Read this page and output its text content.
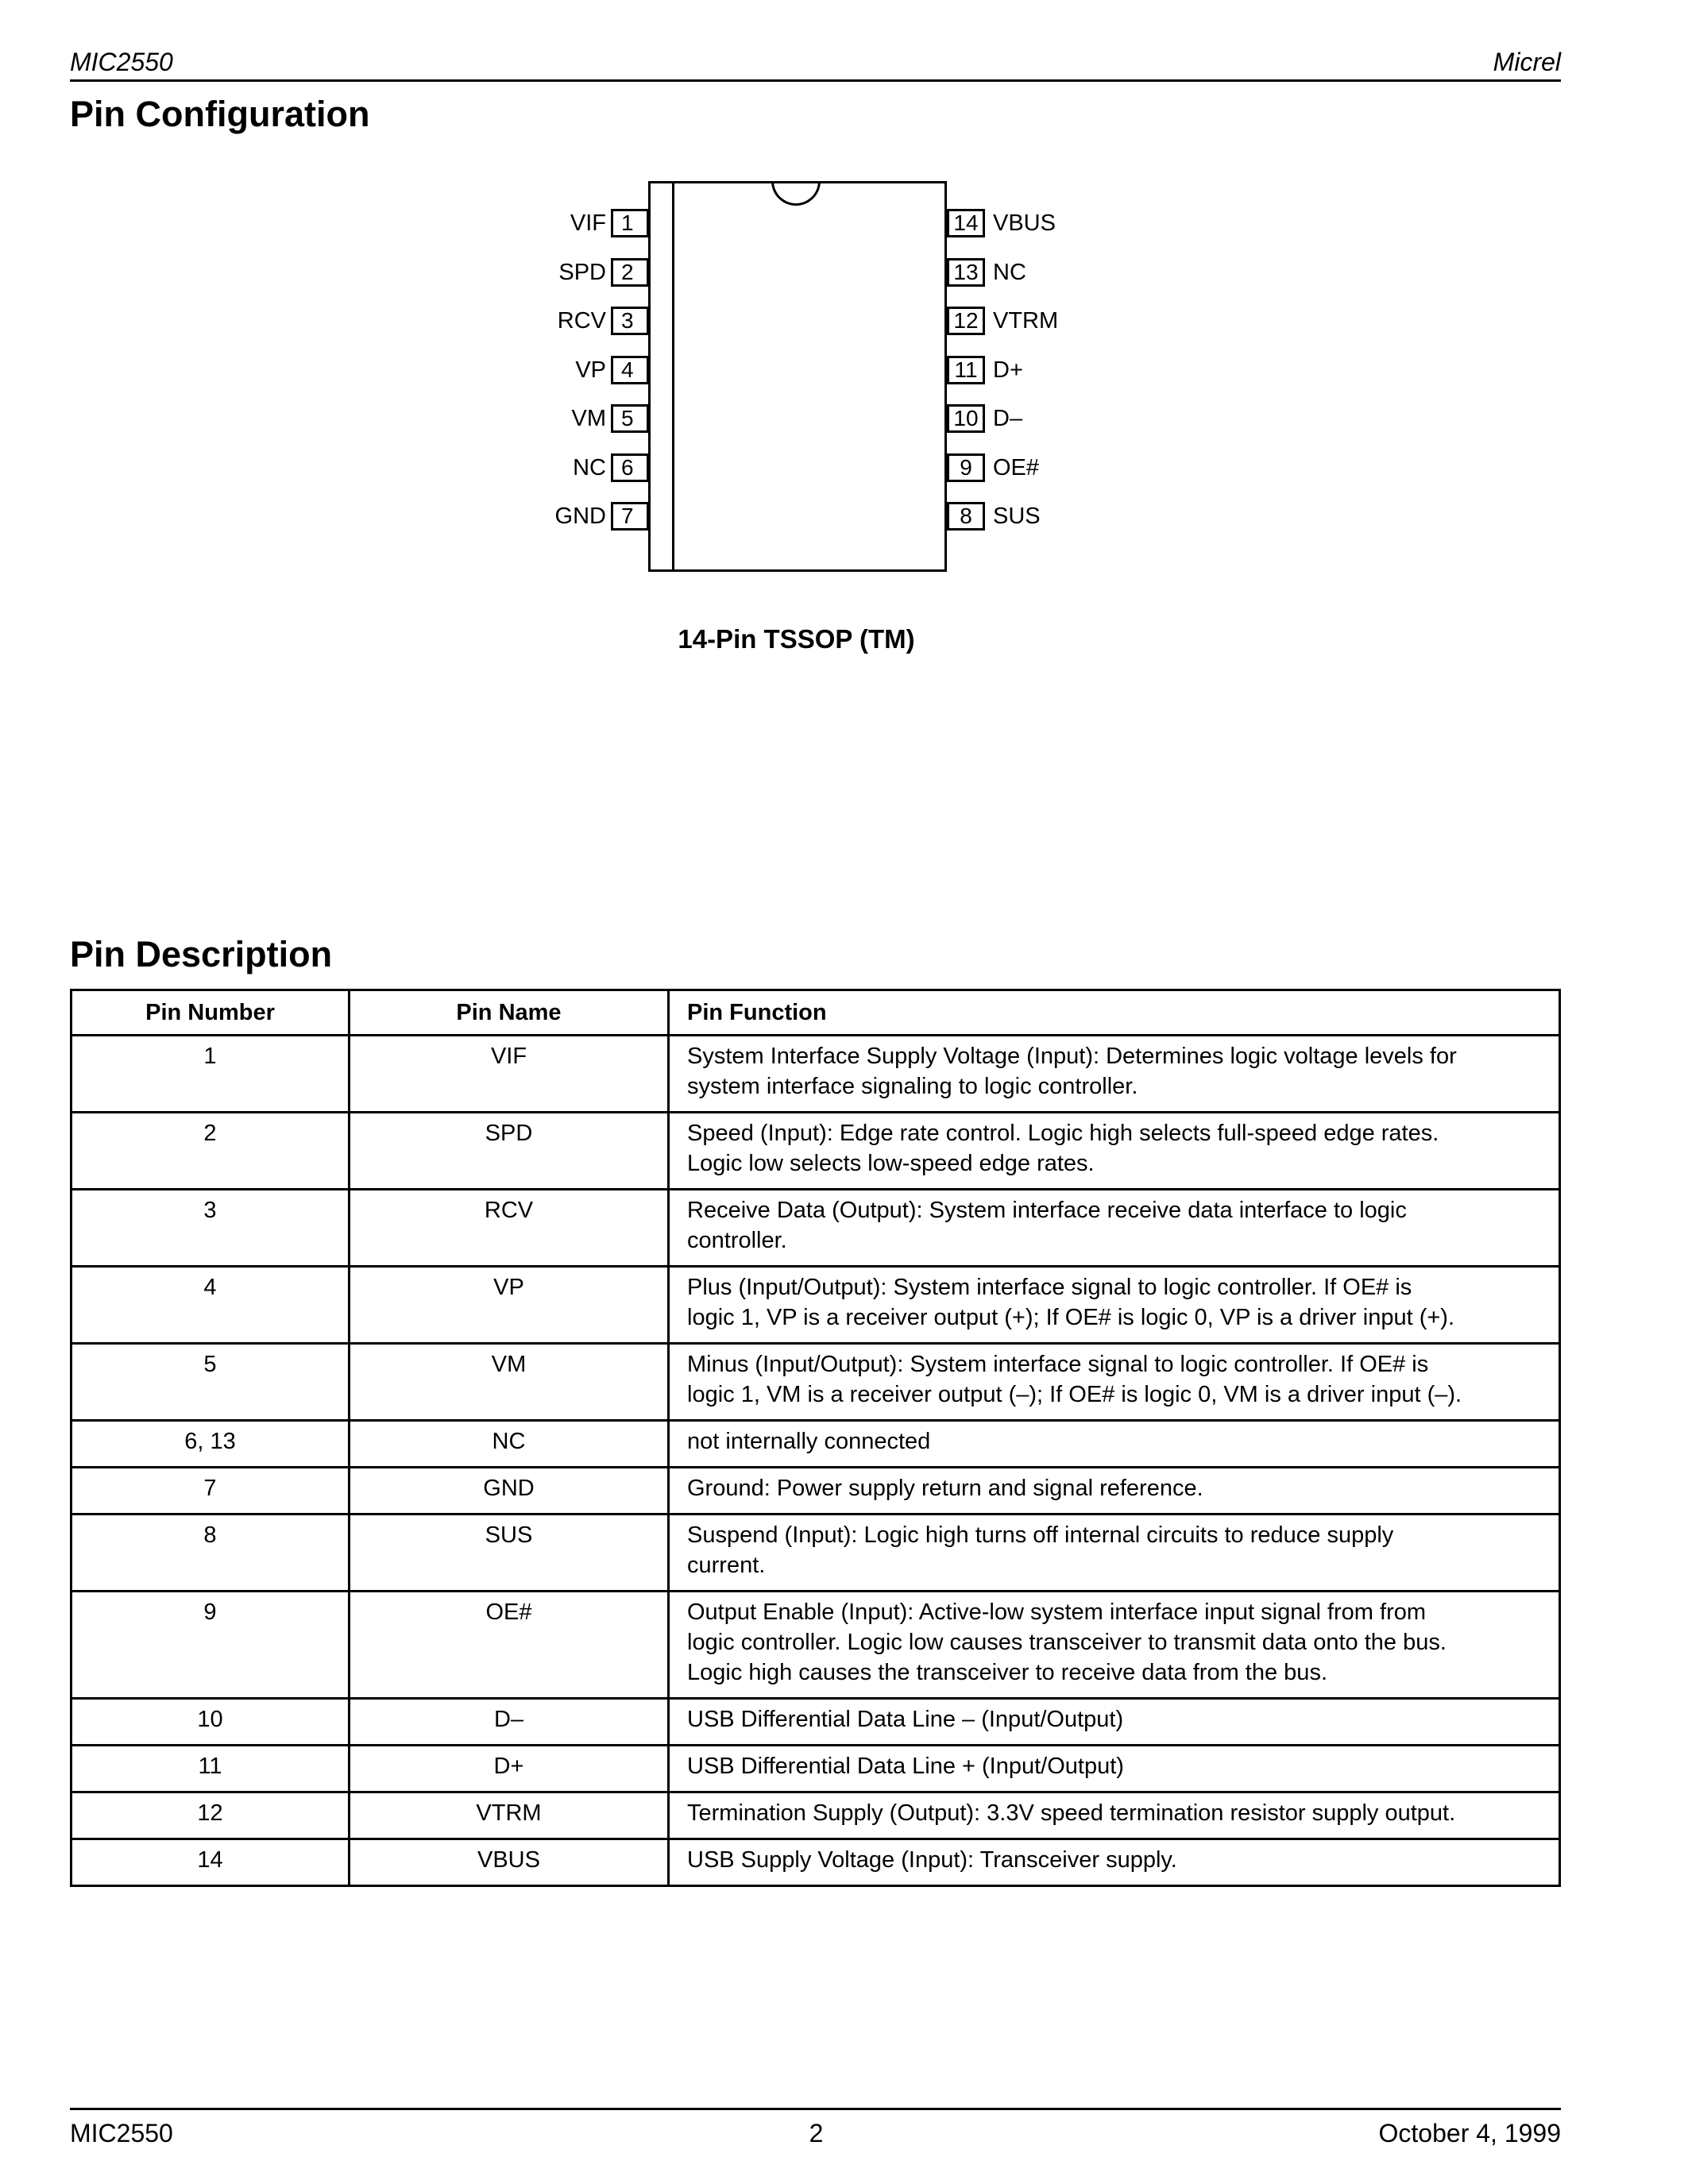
MIC2550	Micrel
Pin Configuration
1
VIF
2
SPD
3
RCV
4
VP
5
VM
6
NC
7
GND
14 VBUS
13 NC
12 VTRM
11 D+
10 D–
9 OE#
8 SUS
14-Pin TSSOP (TM)
Pin Description
Pin Number	Pin Name	Pin Function
1	VIF	System Interface Supply Voltage (Input): Determines logic voltage levels for
system interface signaling to logic controller.

2	SPD	Speed (Input): Edge rate control. Logic high selects full-speed edge rates.
Logic low selects low-speed edge rates.

3	RCV	Receive Data (Output): System interface receive data interface to logic
controller.

4	VP	Plus (Input/Output): System interface signal to logic controller. If OE# is
logic 1, VP is a receiver output (+); If OE# is logic 0, VP is a driver input (+).

5	VM	Minus (Input/Output): System interface signal to logic controller. If OE# is
logic 1, VM is a receiver output (–); If OE# is logic 0, VM is a driver input (–).

6, 13	NC	not internally connected

7	GND	Ground: Power supply return and signal reference.

8	SUS	Suspend (Input): Logic high turns off internal circuits to reduce supply
current.

9	OE#	Output Enable (Input): Active-low system interface input signal from from
logic controller. Logic low causes transceiver to transmit data onto the bus.
Logic high causes the transceiver to receive data from the bus.

10	D–	USB Differential Data Line – (Input/Output)

11	D+	USB Differential Data Line + (Input/Output)

12	VTRM	Termination Supply (Output): 3.3V speed termination resistor supply output.

14	VBUS	USB Supply Voltage (Input): Transceiver supply.
MIC2550	2	October 4, 1999
